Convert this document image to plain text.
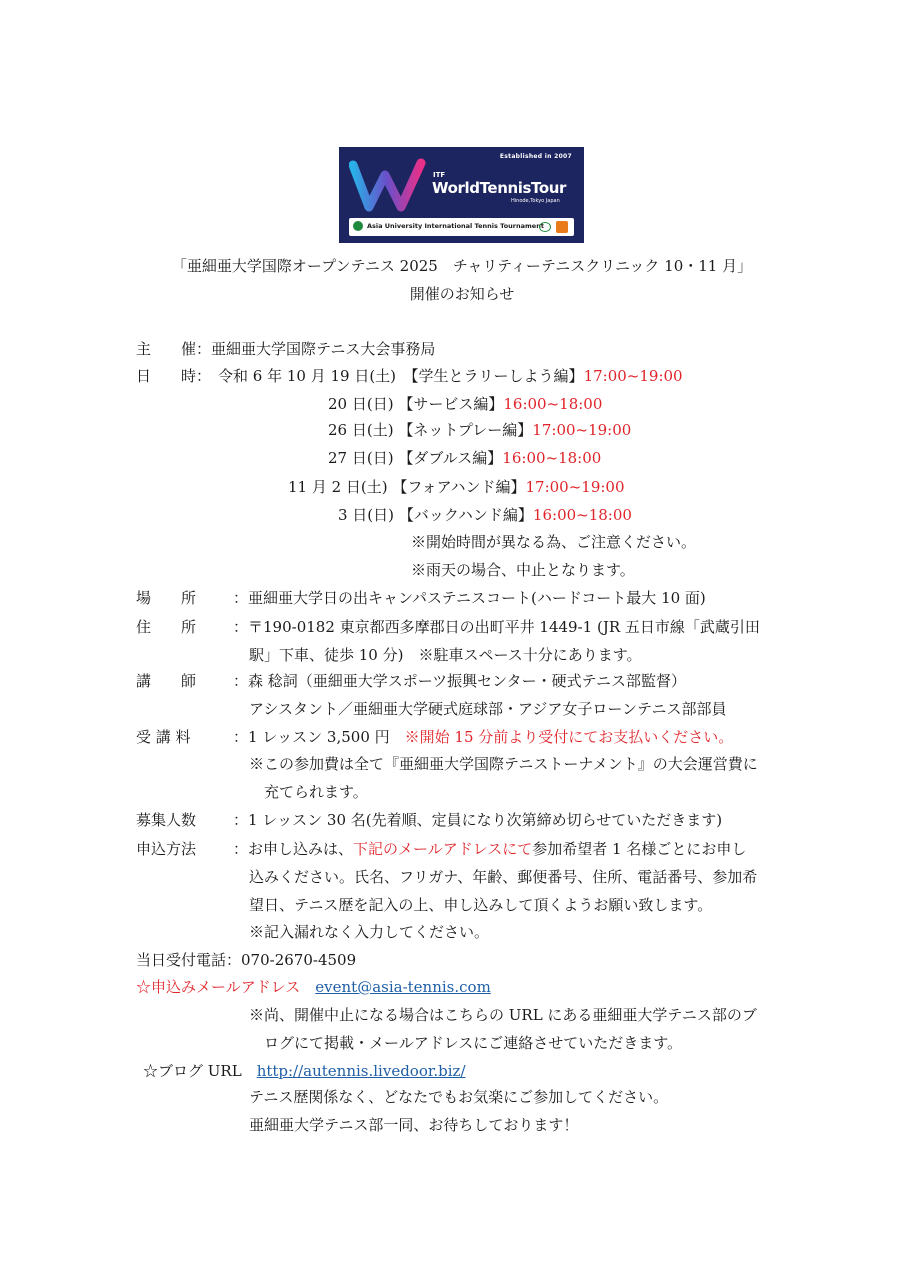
Established in 2007
ITF
WorldTennisTour
Hinode,Tokyo Japan
Asia University International Tennis Tournament
「亜細亜大学国際オープンテニス 2025　チャリティーテニスクリニック 10・11 月」
開催のお知らせ
主　　催：亜細亜大学国際テニス大会事務局
日　　時： 令和 6 年 10 月 19 日(土)　 【学生とラリーしよう編】17:00~19:00
20 日(日) 【サービス編】16:00~18:00
26 日(土) 【ネットプレー編】17:00~19:00
27 日(日) 【ダブルス編】16:00~18:00
11 月 2 日(土) 【フォアハンド編】17:00~19:00
3 日(日) 【バックハンド編】16:00~18:00
※開始時間が異なる為、ご注意ください。
※雨天の場合、中止となります。
場　　所 ：亜細亜大学日の出キャンパステニスコート(ハードコート最大 10 面)
住　　所 ：〒190-0182 東京都西多摩郡日の出町平井 1449-1 (JR 五日市線「武蔵引田
駅」下車、徒歩 10 分)　※駐車スペース十分にあります。
講　　師 ：森 稔詞（亜細亜大学スポーツ振興センター・硬式テニス部監督）
アシスタント／亜細亜大学硬式庭球部・アジア女子ローンテニス部部員
受 講 料	：1 レッスン 3,500 円　 ※開始 15 分前より受付にてお支払いください。
※この参加費は全て『亜細亜大学国際テニストーナメント』の大会運営費に
充てられます。
募集人数 ：1 レッスン 30 名(先着順、定員になり次第締め切らせていただきます)
申込方法 ：お申し込みは、下記のメールアドレスにて参加希望者 1 名様ごとにお申し
込みください。氏名、フリガナ、年齢、郵便番号、住所、電話番号、参加希
望日、テニス歴を記入の上、申し込みして頂くようお願い致します。
※記入漏れなく入力してください。
当日受付電話：070-2670-4509
☆申込みメールアドレス　 event@asia-tennis.com
※尚、開催中止になる場合はこちらの URL にある亜細亜大学テニス部のブ
ログにて掲載・メールアドレスにご連絡させていただきます。
☆ブログ URL　 http://autennis.livedoor.biz/
テニス歴関係なく、どなたでもお気楽にご参加してください。
亜細亜大学テニス部一同、お待ちしております！
